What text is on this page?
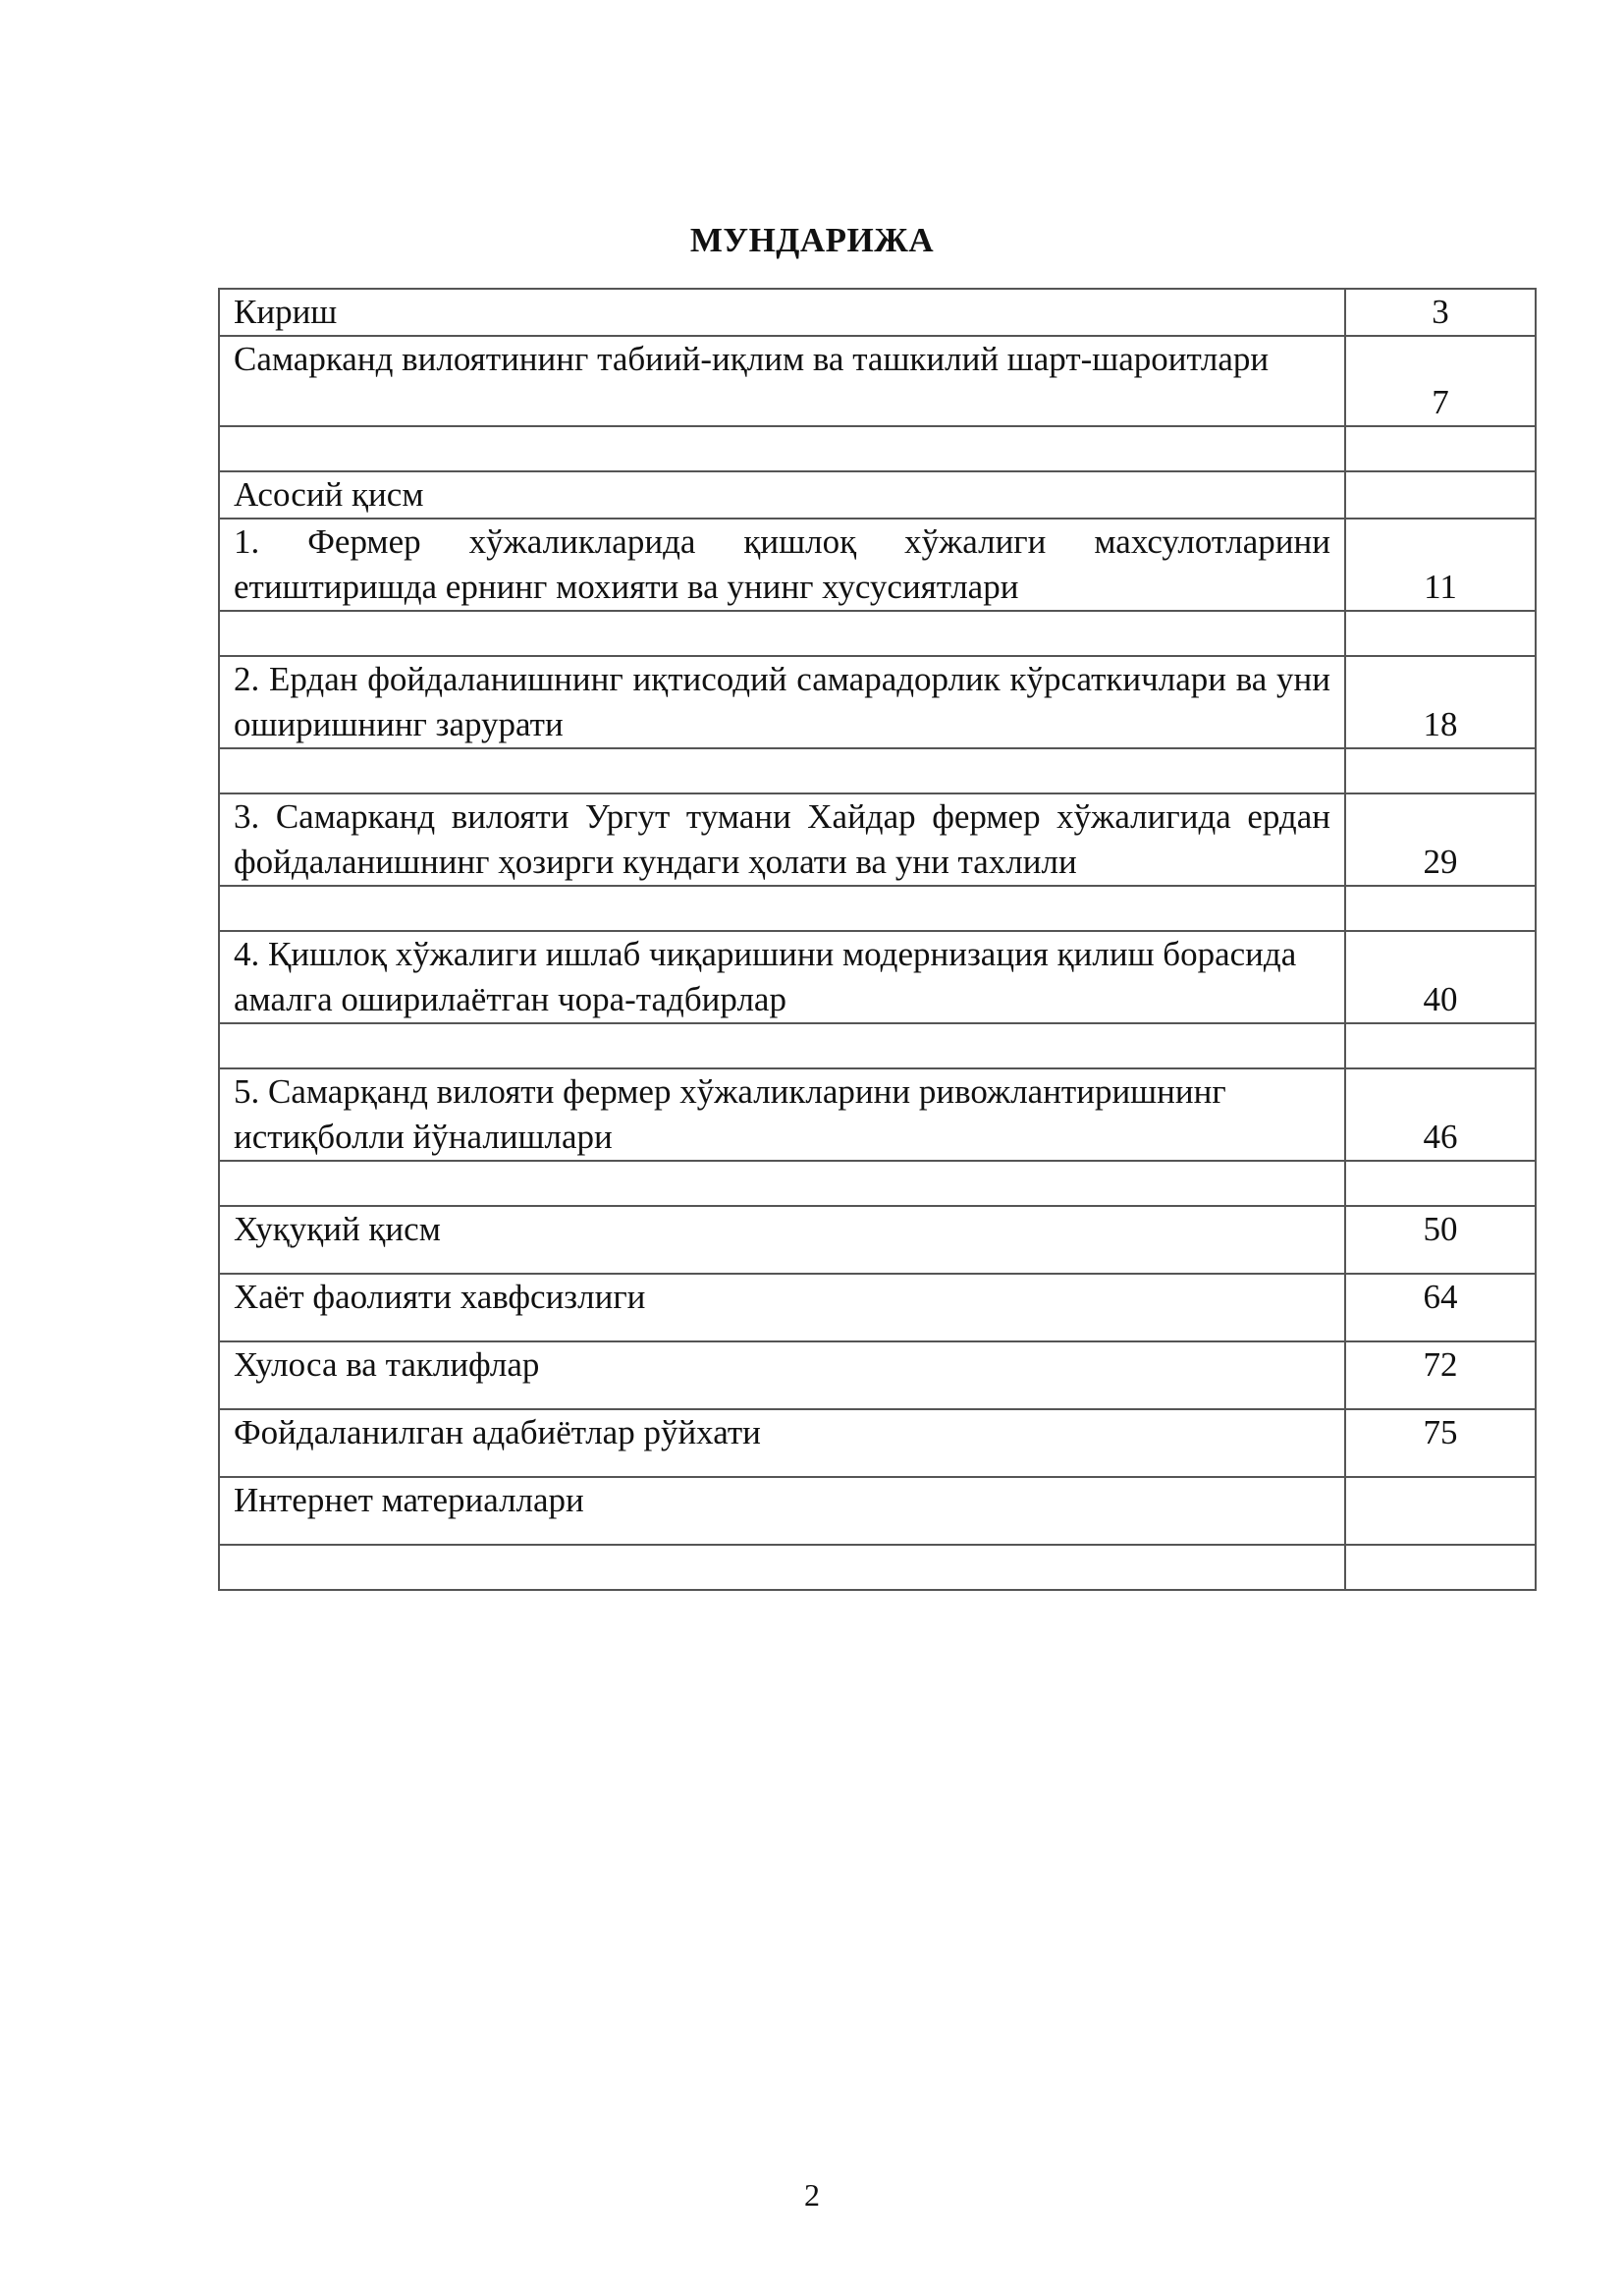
МУНДАРИЖА
Кириш	3
Самарканд вилоятининг табиий-иқлим ва ташкилий шарт-шароитлари	7

Асосий қисм	
1. Фермер хўжаликларида қишлоқ хўжалиги махсулотларини етиштиришда ернинг мохияти ва унинг хусусиятлари	11

2. Ердан фойдаланишнинг иқтисодий самарадорлик кўрсаткичлари ва уни оширишнинг зарурати	18

3. Самарканд вилояти Ургут тумани Хайдар фермер хўжалигида ердан фойдаланишнинг ҳозирги кундаги ҳолати ва уни тахлили	29

4. Қишлоқ хўжалиги ишлаб чиқаришини модернизация қилиш борасида амалга оширилаётган чора-тадбирлар	40

5. Самарқанд вилояти фермер хўжаликларини ривожлантиришнинг истиқболли йўналишлари	46

Хуқуқий қисм	50
Хаёт фаолияти хавфсизлиги	64
Хулоса ва таклифлар	72
Фойдаланилган адабиётлар рўйхати	75
Интернет материаллари	

2
